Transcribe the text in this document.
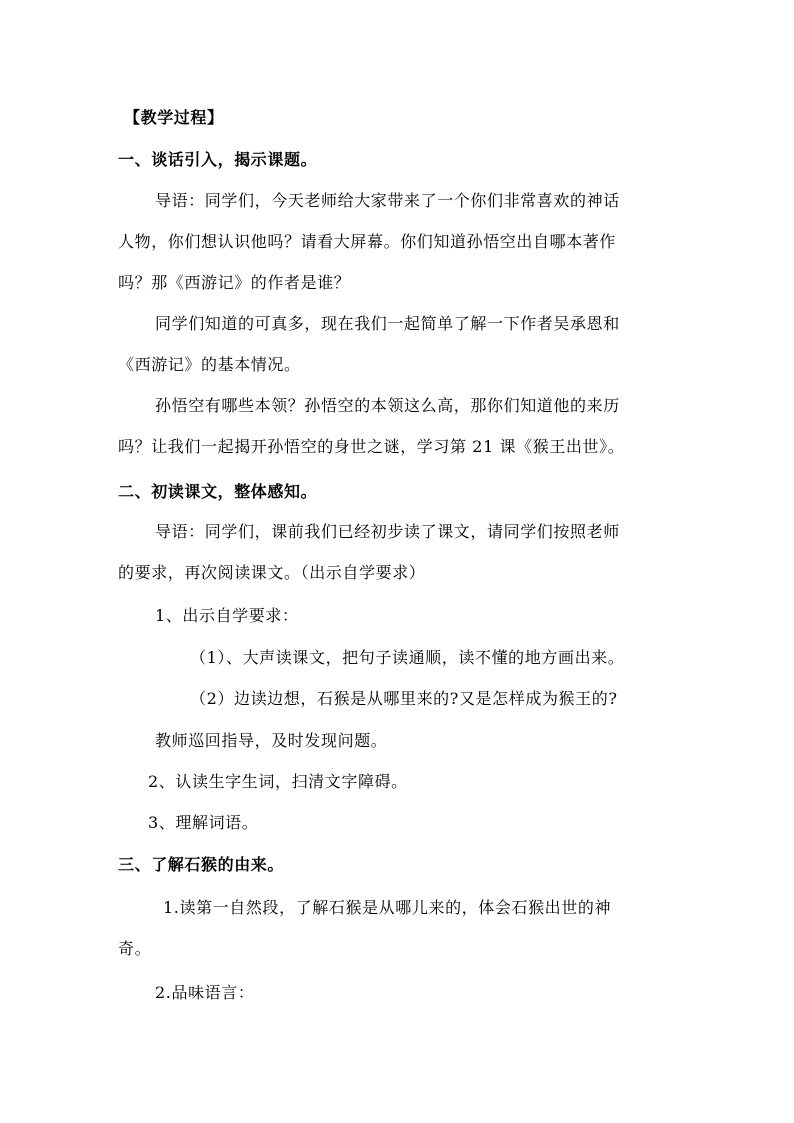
【教学过程】
一、谈话引入，揭示课题。
导语：同学们，今天老师给大家带来了一个你们非常喜欢的神话
人物，你们想认识他吗？请看大屏幕。你们知道孙悟空出自哪本著作
吗？那《西游记》的作者是谁？
同学们知道的可真多，现在我们一起简单了解一下作者吴承恩和
《西游记》的基本情况。
孙悟空有哪些本领？孙悟空的本领这么高，那你们知道他的来历
吗？让我们一起揭开孙悟空的身世之谜，学习第 21 课《猴王出世》。
二、初读课文，整体感知。
导语：同学们，课前我们已经初步读了课文，请同学们按照老师
的要求，再次阅读课文。（出示自学要求）
1、出示自学要求：
（1）、大声读课文，把句子读通顺，读不懂的地方画出来。
（2）边读边想，石猴是从哪里来的?又是怎样成为猴王的?
教师巡回指导，及时发现问题。
2、认读生字生词，扫清文字障碍。
3、理解词语。
三、了解石猴的由来。
1.读第一自然段，了解石猴是从哪儿来的，体会石猴出世的神
奇。
2.品味语言：
